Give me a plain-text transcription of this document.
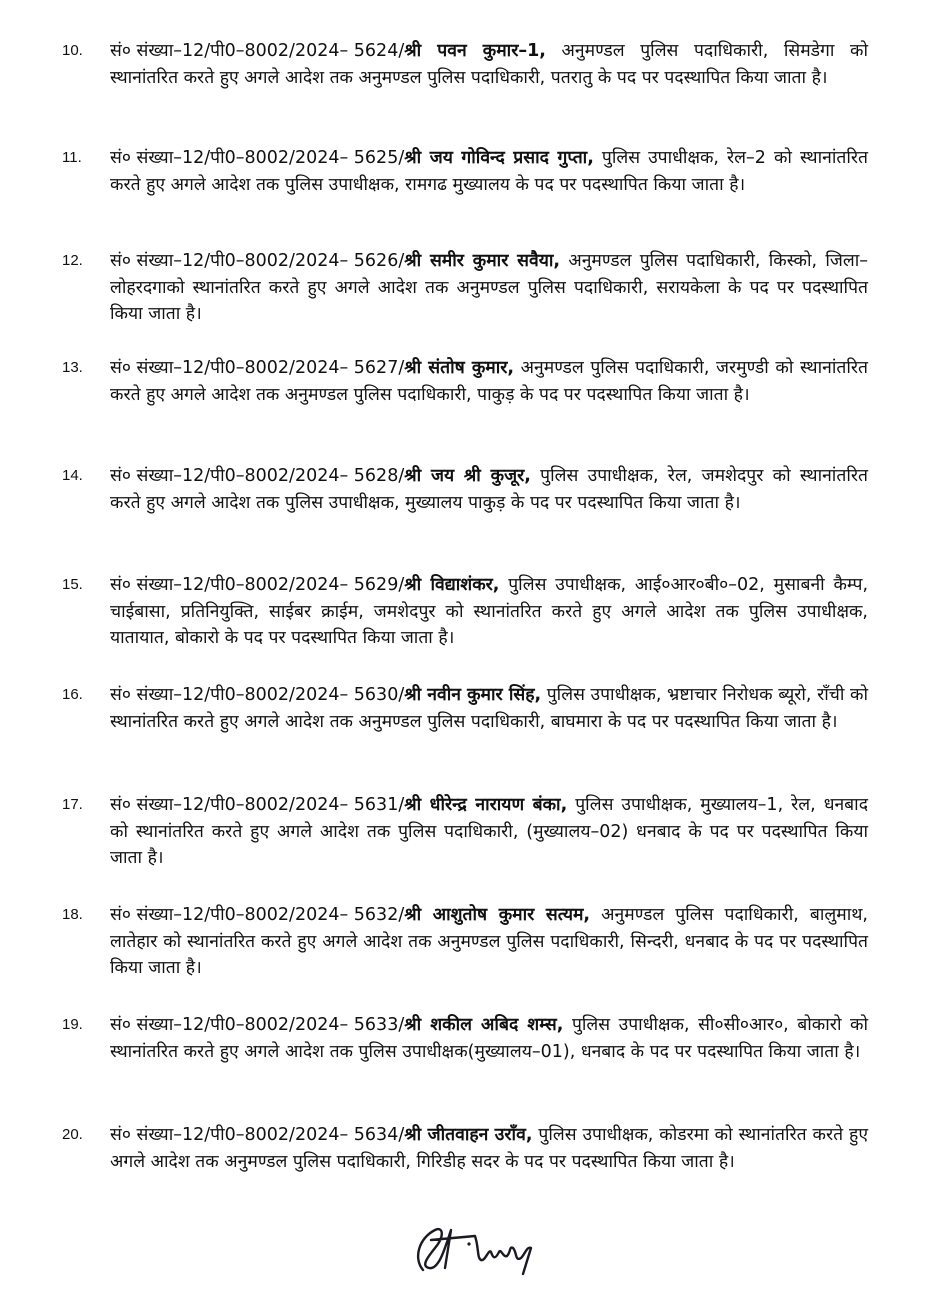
10. सं० संख्या–12/पी0–8002/2024– 5624/श्री पवन कुमार–1, अनुमण्डल पुलिस पदाधिकारी, सिमडेगा को स्थानांतरित करते हुए अगले आदेश तक अनुमण्डल पुलिस पदाधिकारी, पतरातु के पद पर पदस्थापित किया जाता है।
11. सं० संख्या–12/पी0–8002/2024– 5625/श्री जय गोविन्द प्रसाद गुप्ता, पुलिस उपाधीक्षक, रेल–2 को स्थानांतरित करते हुए अगले आदेश तक पुलिस उपाधीक्षक, रामगढ मुख्यालय के पद पर पदस्थापित किया जाता है।
12. सं० संख्या–12/पी0–8002/2024– 5626/श्री समीर कुमार सवैया, अनुमण्डल पुलिस पदाधिकारी, किस्को, जिला–लोहरदगाको स्थानांतरित करते हुए अगले आदेश तक अनुमण्डल पुलिस पदाधिकारी, सरायकेला के पद पर पदस्थापित किया जाता है।
13. सं० संख्या–12/पी0–8002/2024– 5627/श्री संतोष कुमार, अनुमण्डल पुलिस पदाधिकारी, जरमुण्डी को स्थानांतरित करते हुए अगले आदेश तक अनुमण्डल पुलिस पदाधिकारी, पाकुड़ के पद पर पदस्थापित किया जाता है।
14. सं० संख्या–12/पी0–8002/2024– 5628/श्री जय श्री कुजूर, पुलिस उपाधीक्षक, रेल, जमशेदपुर को स्थानांतरित करते हुए अगले आदेश तक पुलिस उपाधीक्षक, मुख्यालय पाकुड़ के पद पर पदस्थापित किया जाता है।
15. सं० संख्या–12/पी0–8002/2024– 5629/श्री विद्याशंकर, पुलिस उपाधीक्षक, आई०आर०बी०–02, मुसाबनी कैम्प, चाईबासा, प्रतिनियुक्ति, साईबर क्राईम, जमशेदपुर को स्थानांतरित करते हुए अगले आदेश तक पुलिस उपाधीक्षक, यातायात, बोकारो के पद पर पदस्थापित किया जाता है।
16. सं० संख्या–12/पी0–8002/2024– 5630/श्री नवीन कुमार सिंह, पुलिस उपाधीक्षक, भ्रष्टाचार निरोधक ब्यूरो, राँची को स्थानांतरित करते हुए अगले आदेश तक अनुमण्डल पुलिस पदाधिकारी, बाघमारा के पद पर पदस्थापित किया जाता है।
17. सं० संख्या–12/पी0–8002/2024– 5631/श्री धीरेन्द्र नारायण बंका, पुलिस उपाधीक्षक, मुख्यालय–1, रेल, धनबाद को स्थानांतरित करते हुए अगले आदेश तक पुलिस पदाधिकारी, (मुख्यालय–02) धनबाद के पद पर पदस्थापित किया जाता है।
18. सं० संख्या–12/पी0–8002/2024– 5632/श्री आशुतोष कुमार सत्यम, अनुमण्डल पुलिस पदाधिकारी, बालुमाथ, लातेहार को स्थानांतरित करते हुए अगले आदेश तक अनुमण्डल पुलिस पदाधिकारी, सिन्दरी, धनबाद के पद पर पदस्थापित किया जाता है।
19. सं० संख्या–12/पी0–8002/2024– 5633/श्री शकील अबिद शम्स, पुलिस उपाधीक्षक, सी०सी०आर०, बोकारो को स्थानांतरित करते हुए अगले आदेश तक पुलिस उपाधीक्षक(मुख्यालय–01), धनबाद के पद पर पदस्थापित किया जाता है।
20. सं० संख्या–12/पी0–8002/2024– 5634/श्री जीतवाहन उराँव, पुलिस उपाधीक्षक, कोडरमा को स्थानांतरित करते हुए अगले आदेश तक अनुमण्डल पुलिस पदाधिकारी, गिरिडीह सदर के पद पर पदस्थापित किया जाता है।
